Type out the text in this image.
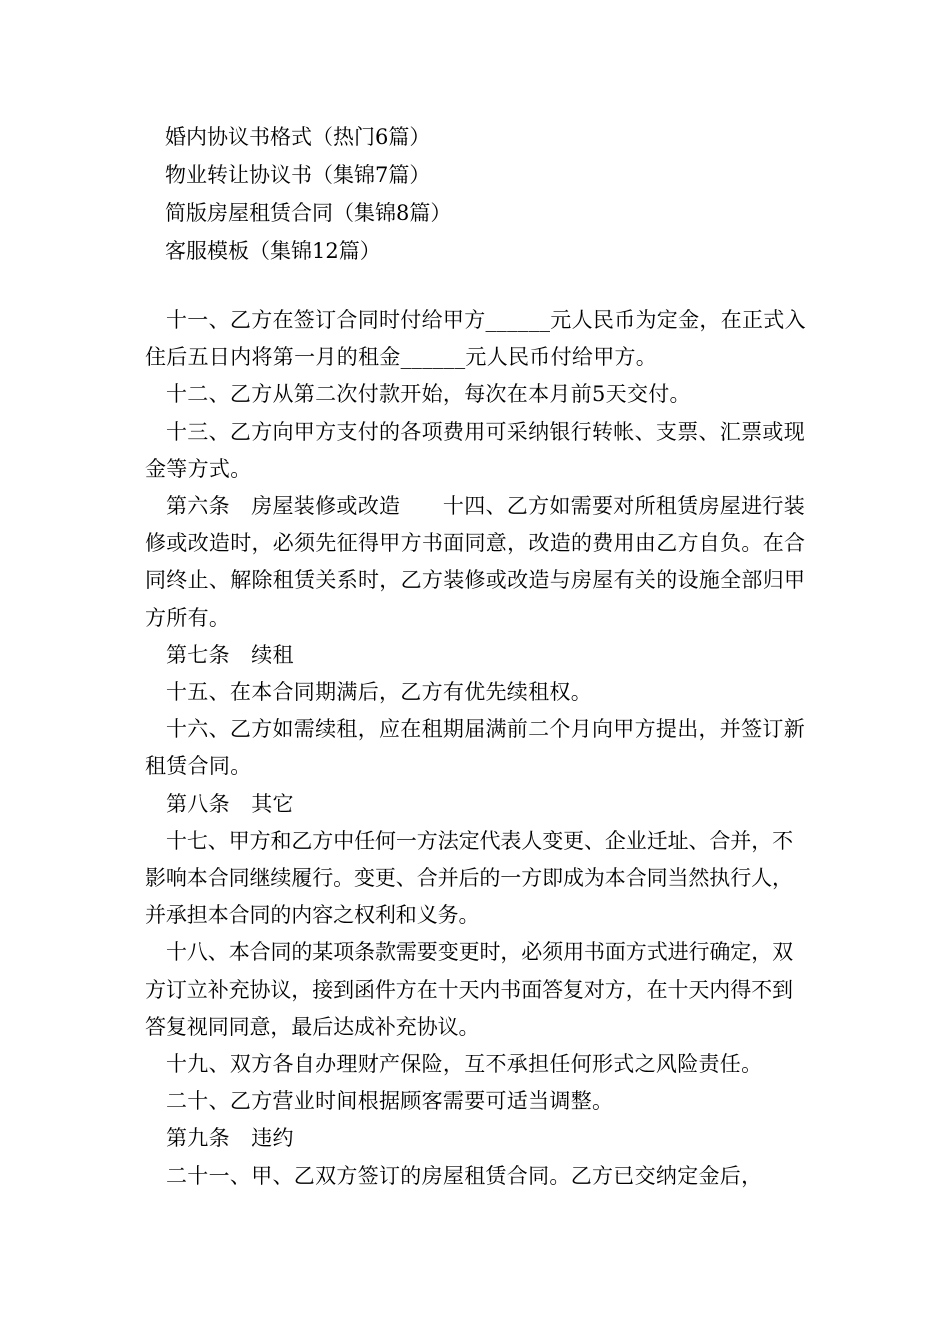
婚内协议书格式（热门6篇）
物业转让协议书（集锦7篇）
简版房屋租赁合同（集锦8篇）
客服模板（集锦12篇）

十一、乙方在签订合同时付给甲方______元人民币为定金，在正式入住后五日内将第一月的租金______元人民币付给甲方。

十二、乙方从第二次付款开始，每次在本月前5天交付。

十三、乙方向甲方支付的各项费用可采纳银行转帐、支票、汇票或现金等方式。

第六条　房屋装修或改造　　十四、乙方如需要对所租赁房屋进行装修或改造时，必须先征得甲方书面同意，改造的费用由乙方自负。在合同终止、解除租赁关系时，乙方装修或改造与房屋有关的设施全部归甲方所有。

第七条　续租

十五、在本合同期满后，乙方有优先续租权。

十六、乙方如需续租，应在租期届满前二个月向甲方提出，并签订新租赁合同。

第八条　其它

十七、甲方和乙方中任何一方法定代表人变更、企业迁址、合并，不影响本合同继续履行。变更、合并后的一方即成为本合同当然执行人，并承担本合同的内容之权利和义务。

十八、本合同的某项条款需要变更时，必须用书面方式进行确定，双方订立补充协议，接到函件方在十天内书面答复对方，在十天内得不到答复视同同意，最后达成补充协议。

十九、双方各自办理财产保险，互不承担任何形式之风险责任。

二十、乙方营业时间根据顾客需要可适当调整。

第九条　违约

二十一、甲、乙双方签订的房屋租赁合同。乙方已交纳定金后，
